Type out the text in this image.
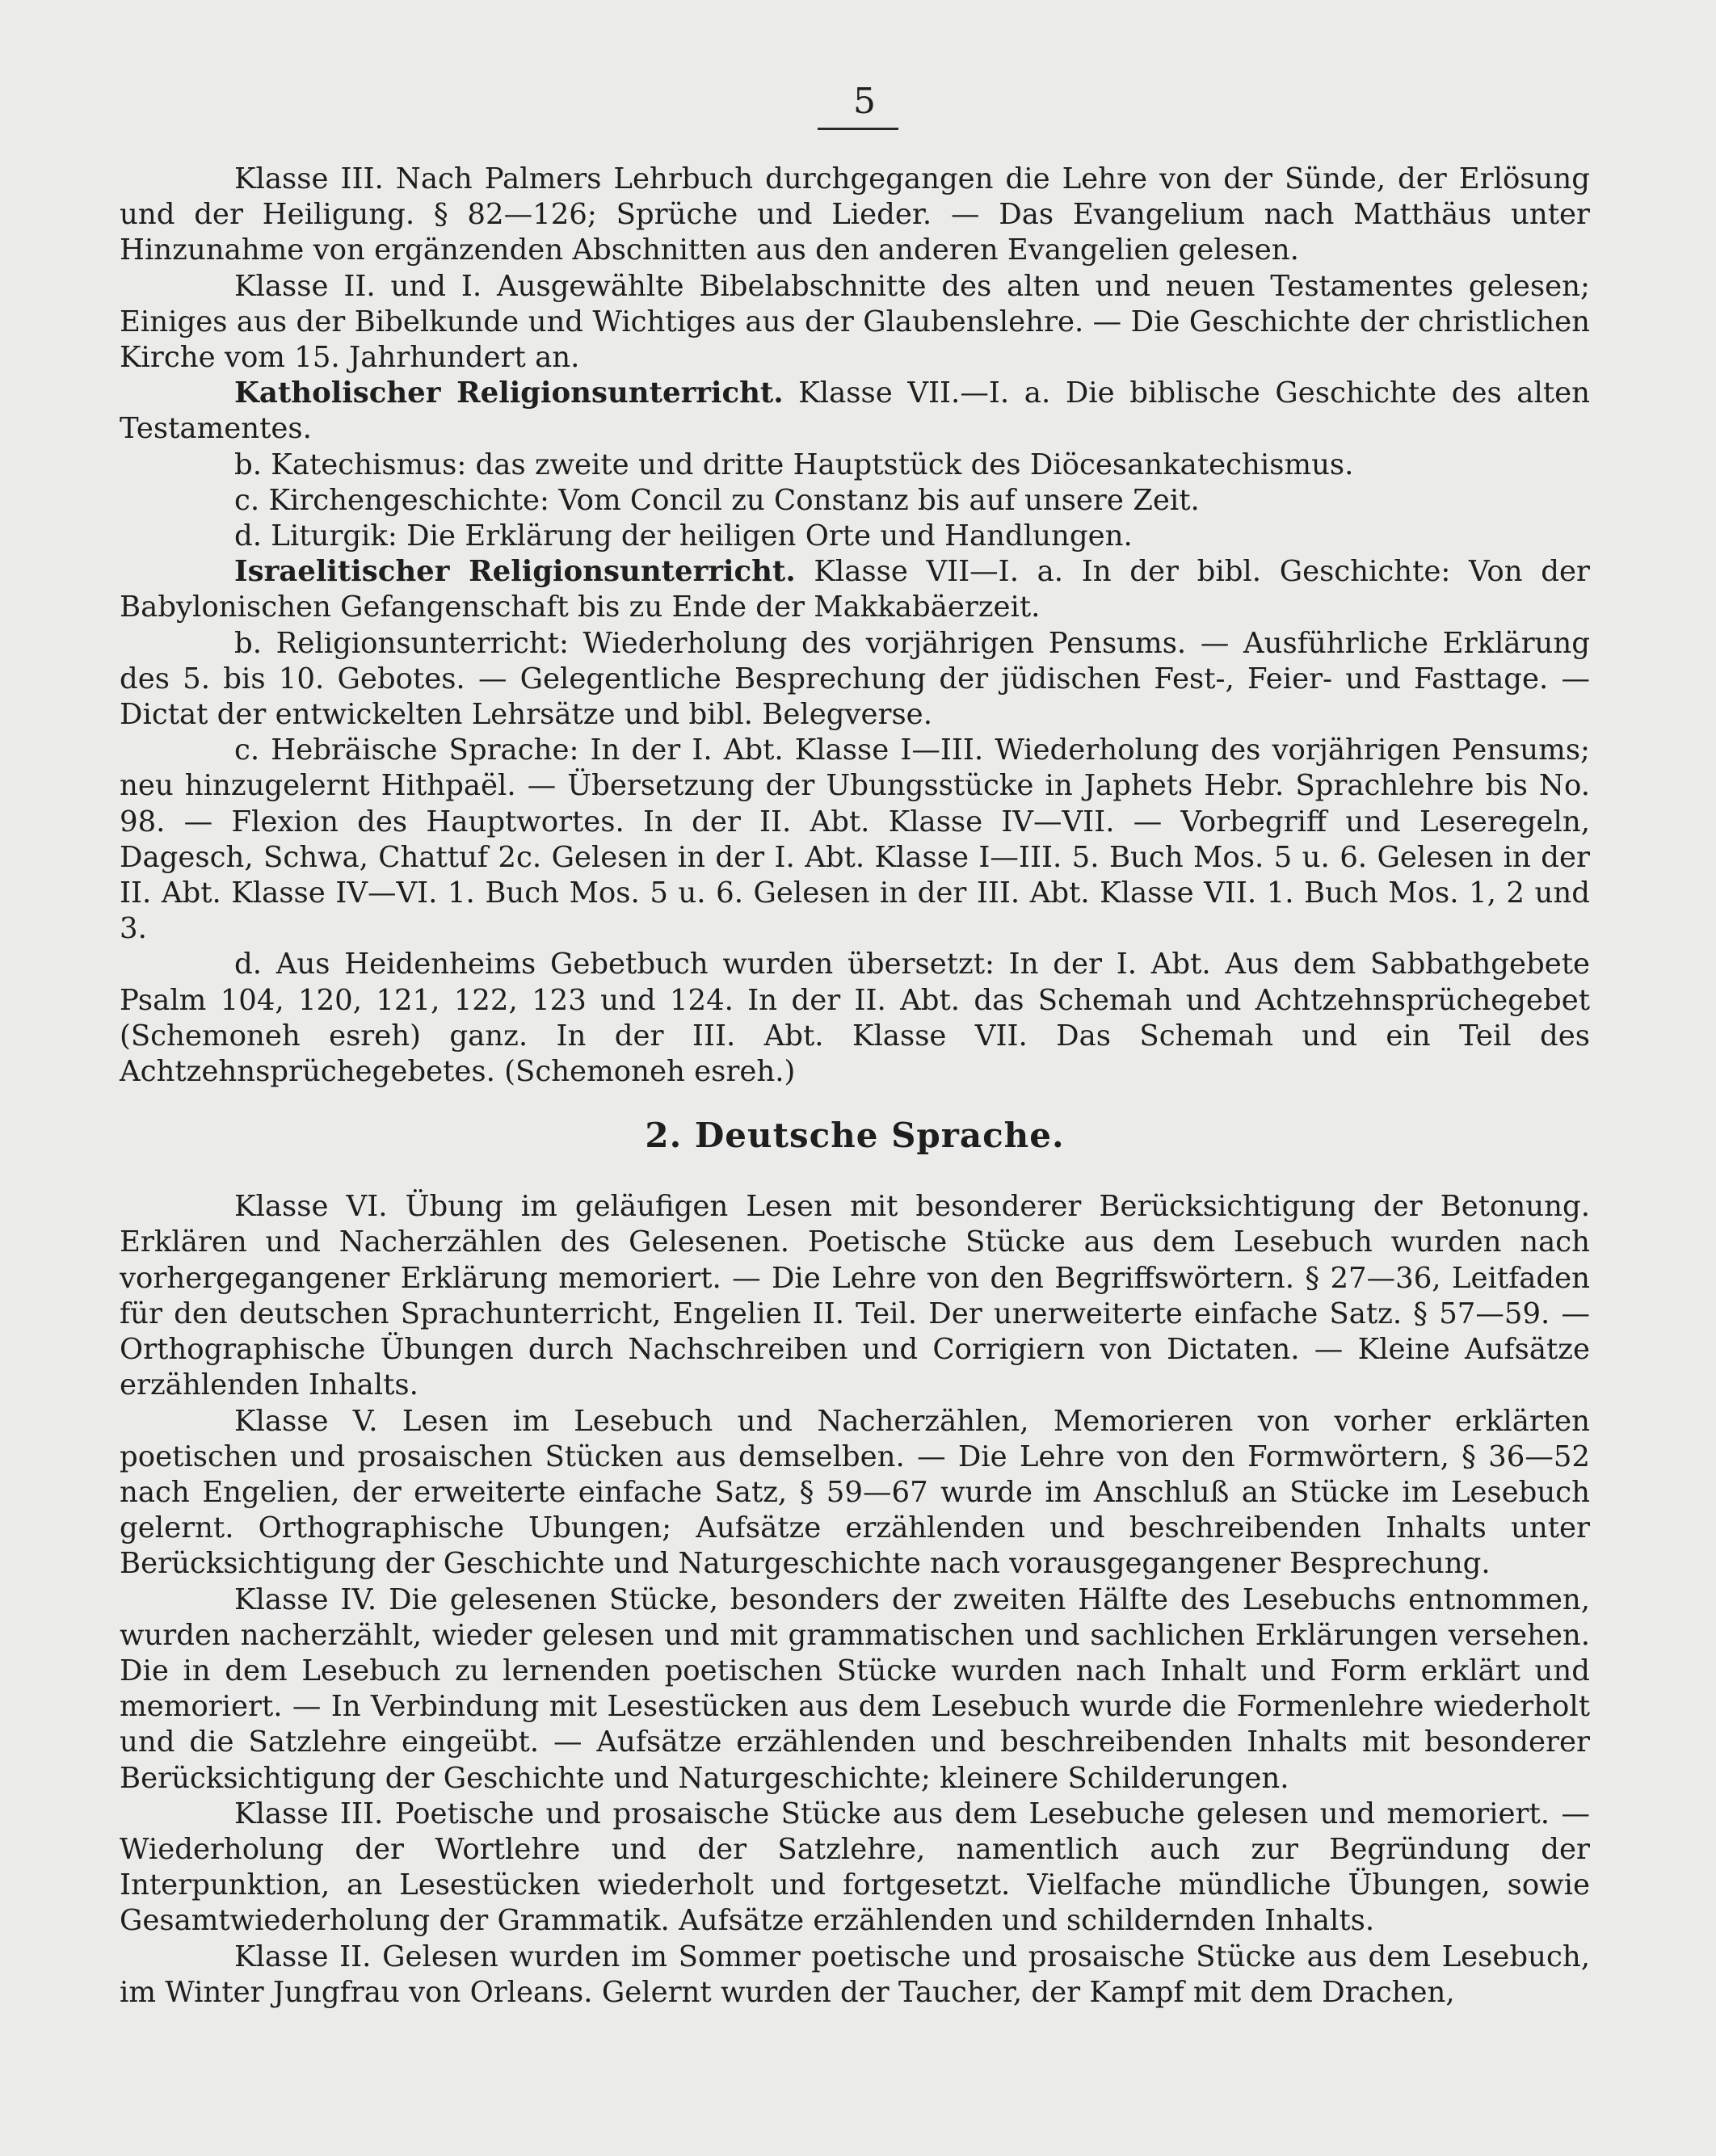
5

Klasse III. Nach Palmers Lehrbuch durchgegangen die Lehre von der Sünde, der Erlösung und der Heiligung. § 82—126; Sprüche und Lieder. — Das Evangelium nach Matthäus unter Hinzunahme von ergänzenden Abschnitten aus den anderen Evangelien gelesen.

Klasse II. und I. Ausgewählte Bibelabschnitte des alten und neuen Testamentes gelesen; Einiges aus der Bibelkunde und Wichtiges aus der Glaubenslehre. — Die Geschichte der christlichen Kirche vom 15. Jahrhundert an.

Katholischer Religionsunterricht. Klasse VII.—I. a. Die biblische Geschichte des alten Testamentes.

b. Katechismus: das zweite und dritte Hauptstück des Diöcesankatechismus.

c. Kirchengeschichte: Vom Concil zu Constanz bis auf unsere Zeit.

d. Liturgik: Die Erklärung der heiligen Orte und Handlungen.

Israelitischer Religionsunterricht. Klasse VII—I. a. In der bibl. Geschichte: Von der Babylonischen Gefangenschaft bis zu Ende der Makkabäerzeit.

b. Religionsunterricht: Wiederholung des vorjährigen Pensums. — Ausführliche Erklärung des 5. bis 10. Gebotes. — Gelegentliche Besprechung der jüdischen Fest-, Feier- und Fasttage. — Dictat der entwickelten Lehrsätze und bibl. Belegverse.

c. Hebräische Sprache: In der I. Abt. Klasse I—III. Wiederholung des vorjährigen Pensums; neu hinzugelernt Hithpaël. — Übersetzung der Ubungsstücke in Japhets Hebr. Sprachlehre bis No. 98. — Flexion des Hauptwortes. In der II. Abt. Klasse IV—VII. — Vorbegriff und Leseregeln, Dagesch, Schwa, Chattuf 2c. Gelesen in der I. Abt. Klasse I—III. 5. Buch Mos. 5 u. 6. Gelesen in der II. Abt. Klasse IV—VI. 1. Buch Mos. 5 u. 6. Gelesen in der III. Abt. Klasse VII. 1. Buch Mos. 1, 2 und 3.

d. Aus Heidenheims Gebetbuch wurden übersetzt: In der I. Abt. Aus dem Sabbathgebete Psalm 104, 120, 121, 122, 123 und 124. In der II. Abt. das Schemah und Achtzehnsprüchegebet (Schemoneh esreh) ganz. In der III. Abt. Klasse VII. Das Schemah und ein Teil des Achtzehnsprüchegebetes. (Schemoneh esreh.)

2. Deutsche Sprache.

Klasse VI. Übung im geläufigen Lesen mit besonderer Berücksichtigung der Betonung. Erklären und Nacherzählen des Gelesenen. Poetische Stücke aus dem Lesebuch wurden nach vorhergegangener Erklärung memoriert. — Die Lehre von den Begriffswörtern. § 27—36, Leitfaden für den deutschen Sprachunterricht, Engelien II. Teil. Der unerweiterte einfache Satz. § 57—59. — Orthographische Übungen durch Nachschreiben und Corrigiern von Dictaten. — Kleine Aufsätze erzählenden Inhalts.

Klasse V. Lesen im Lesebuch und Nacherzählen, Memorieren von vorher erklärten poetischen und prosaischen Stücken aus demselben. — Die Lehre von den Formwörtern, § 36—52 nach Engelien, der erweiterte einfache Satz, § 59—67 wurde im Anschluß an Stücke im Lesebuch gelernt. Orthographische Ubungen; Aufsätze erzählenden und beschreibenden Inhalts unter Berücksichtigung der Geschichte und Naturgeschichte nach vorausgegangener Besprechung.

Klasse IV. Die gelesenen Stücke, besonders der zweiten Hälfte des Lesebuchs entnommen, wurden nacherzählt, wieder gelesen und mit grammatischen und sachlichen Erklärungen versehen. Die in dem Lesebuch zu lernenden poetischen Stücke wurden nach Inhalt und Form erklärt und memoriert. — In Verbindung mit Lesestücken aus dem Lesebuch wurde die Formenlehre wiederholt und die Satzlehre eingeübt. — Aufsätze erzählenden und beschreibenden Inhalts mit besonderer Berücksichtigung der Geschichte und Naturgeschichte; kleinere Schilderungen.

Klasse III. Poetische und prosaische Stücke aus dem Lesebuche gelesen und memoriert. — Wiederholung der Wortlehre und der Satzlehre, namentlich auch zur Begründung der Interpunktion, an Lesestücken wiederholt und fortgesetzt. Vielfache mündliche Übungen, sowie Gesamtwiederholung der Grammatik. Aufsätze erzählenden und schildernden Inhalts.

Klasse II. Gelesen wurden im Sommer poetische und prosaische Stücke aus dem Lesebuch, im Winter Jungfrau von Orleans. Gelernt wurden der Taucher, der Kampf mit dem Drachen,
